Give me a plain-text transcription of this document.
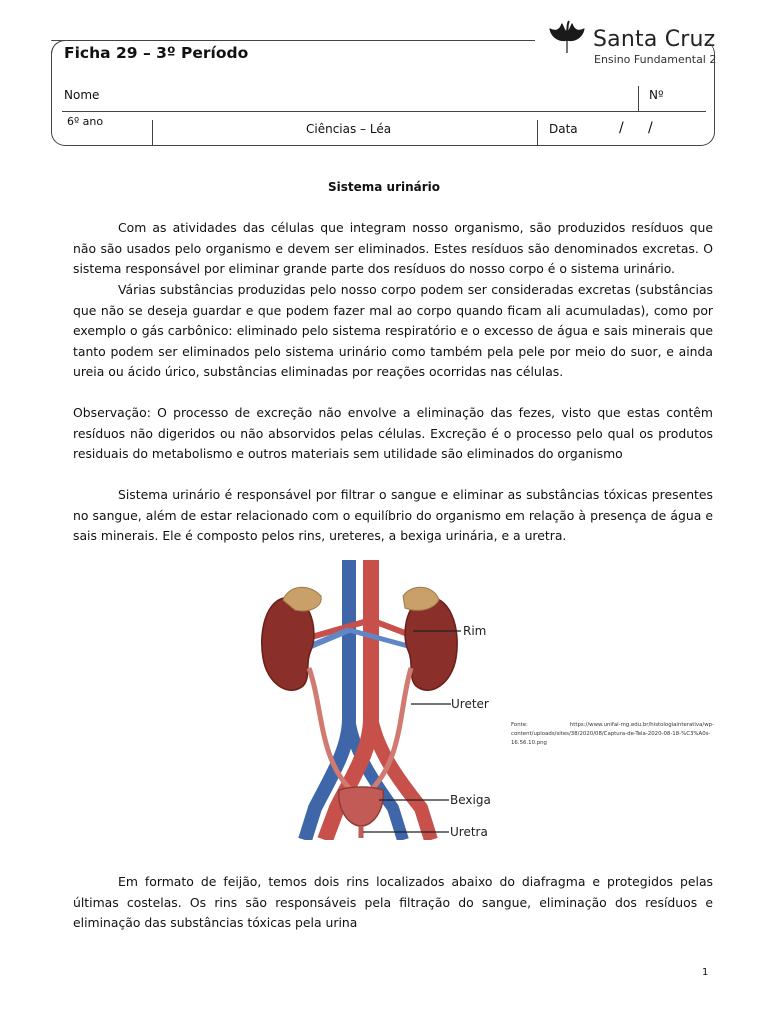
Ficha 29 – 3º Período
Santa Cruz
Ensino Fundamental 2
Nome	Nº
6º ano
Ciências – Léa	Data	/ /
Sistema urinário

Com as atividades das células que integram nosso organismo, são produzidos resíduos que não são usados pelo organismo e devem ser eliminados. Estes resíduos são denominados excretas. O sistema responsável por eliminar grande parte dos resíduos do nosso corpo é o sistema urinário.

Várias substâncias produzidas pelo nosso corpo podem ser consideradas excretas (substâncias que não se deseja guardar e que podem fazer mal ao corpo quando ficam ali acumuladas), como por exemplo o gás carbônico: eliminado pelo sistema respiratório e o excesso de água e sais minerais que tanto podem ser eliminados pelo sistema urinário como também pela pele por meio do suor, e ainda ureia ou ácido úrico, substâncias eliminadas por reações ocorridas nas células.

Observação: O processo de excreção não envolve a eliminação das fezes, visto que estas contêm resíduos não digeridos ou não absorvidos pelas células. Excreção é o processo pelo qual os produtos residuais do metabolismo e outros materiais sem utilidade são eliminados do organismo

Sistema urinário é responsável por filtrar o sangue e eliminar as substâncias tóxicas presentes no sangue, além de estar relacionado com o equilíbrio do organismo em relação à presença de água e sais minerais. Ele é composto pelos rins, ureteres, a bexiga urinária, e a uretra.

Rim
Ureter
Bexiga
Uretra
Fonte: https://www.unifal-mg.edu.br/histologiainterativa/wp-content/uploads/sites/38/2020/08/Captura-de-Tela-2020-08-18-%C3%A0s-16.56.10.png

Em formato de feijão, temos dois rins localizados abaixo do diafragma e protegidos pelas últimas costelas. Os rins são responsáveis pela filtração do sangue, eliminação dos resíduos e eliminação das substâncias tóxicas pela urina

1
